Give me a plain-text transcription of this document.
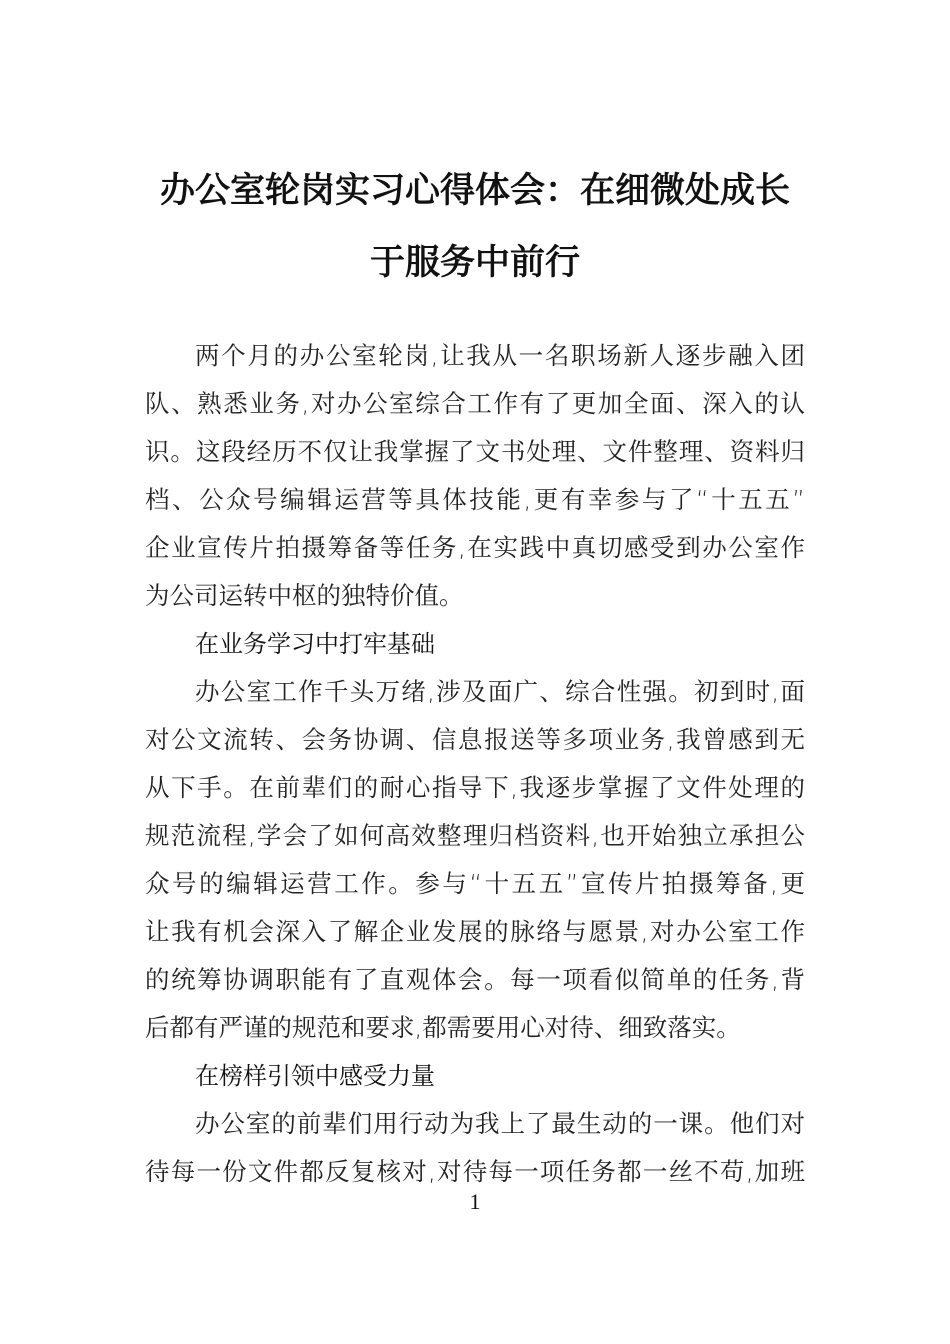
办公室轮岗实习心得体会：在细微处成长
于服务中前行
两个月的办公室轮岗,让我从一名职场新人逐步融入团
队、熟悉业务,对办公室综合工作有了更加全面、深入的认
识。这段经历不仅让我掌握了文书处理、文件整理、资料归
档、公众号编辑运营等具体技能,更有幸参与了“十五五”
企业宣传片拍摄筹备等任务,在实践中真切感受到办公室作
为公司运转中枢的独特价值。
在业务学习中打牢基础
办公室工作千头万绪,涉及面广、综合性强。初到时,面
对公文流转、会务协调、信息报送等多项业务,我曾感到无
从下手。在前辈们的耐心指导下,我逐步掌握了文件处理的
规范流程,学会了如何高效整理归档资料,也开始独立承担公
众号的编辑运营工作。参与“十五五”宣传片拍摄筹备,更
让我有机会深入了解企业发展的脉络与愿景,对办公室工作
的统筹协调职能有了直观体会。每一项看似简单的任务,背
后都有严谨的规范和要求,都需要用心对待、细致落实。
在榜样引领中感受力量
办公室的前辈们用行动为我上了最生动的一课。他们对
待每一份文件都反复核对,对待每一项任务都一丝不苟,加班
1
